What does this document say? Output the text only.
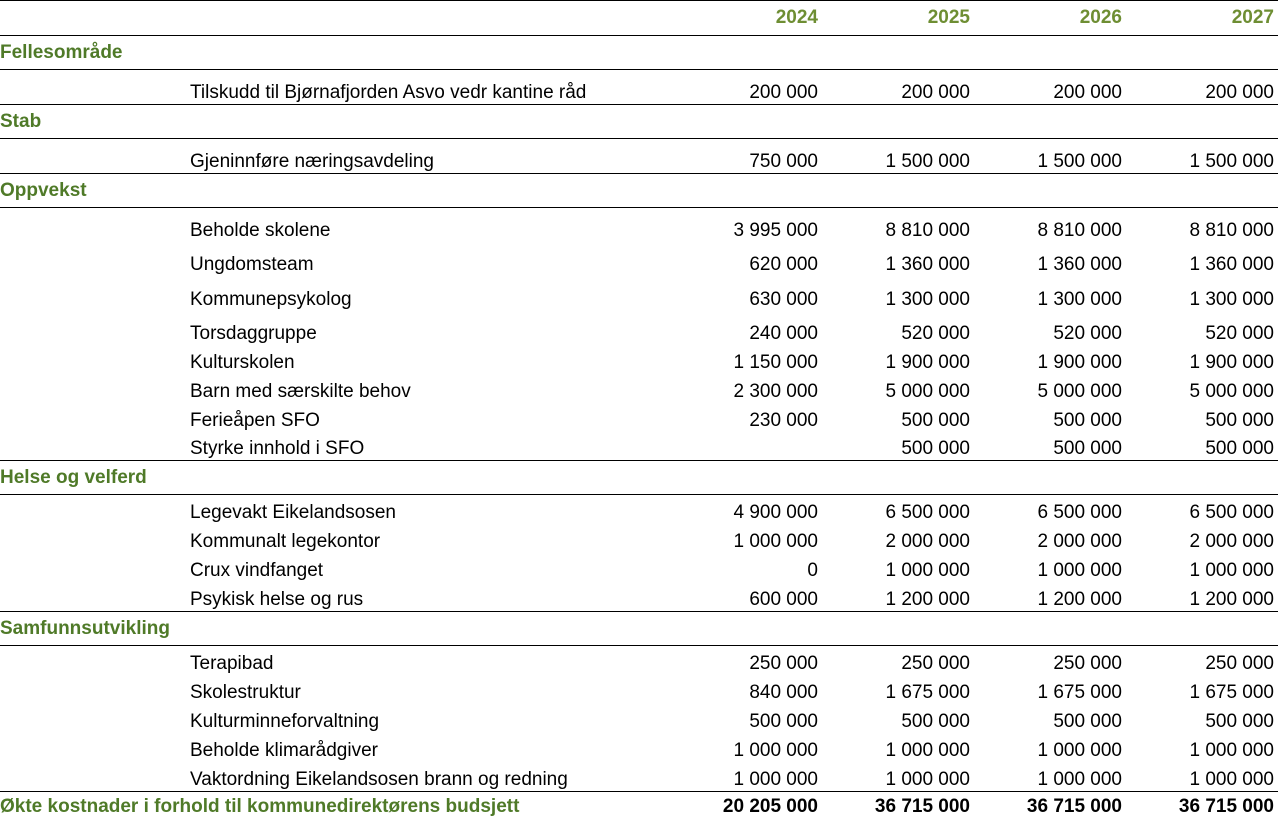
		2024	2025	2026	2027
Fellesområde					
	Tilskudd til Bjørnafjorden Asvo vedr kantine råd	200 000	200 000	200 000	200 000
Stab					
	Gjeninnføre næringsavdeling	750 000	1 500 000	1 500 000	1 500 000
Oppvekst					
	Beholde skolene	3 995 000	8 810 000	8 810 000	8 810 000
	Ungdomsteam	620 000	1 360 000	1 360 000	1 360 000
	Kommunepsykolog	630 000	1 300 000	1 300 000	1 300 000
	Torsdaggruppe	240 000	520 000	520 000	520 000
	Kulturskolen	1 150 000	1 900 000	1 900 000	1 900 000
	Barn med særskilte behov	2 300 000	5 000 000	5 000 000	5 000 000
	Ferieåpen SFO	230 000	500 000	500 000	500 000
	Styrke innhold i SFO		500 000	500 000	500 000
Helse og velferd					
	Legevakt Eikelandsosen	4 900 000	6 500 000	6 500 000	6 500 000
	Kommunalt legekontor	1 000 000	2 000 000	2 000 000	2 000 000
	Crux vindfanget	0	1 000 000	1 000 000	1 000 000
	Psykisk helse og rus	600 000	1 200 000	1 200 000	1 200 000
Samfunnsutvikling					
	Terapibad	250 000	250 000	250 000	250 000
	Skolestruktur	840 000	1 675 000	1 675 000	1 675 000
	Kulturminneforvaltning	500 000	500 000	500 000	500 000
	Beholde klimarådgiver	1 000 000	1 000 000	1 000 000	1 000 000
	Vaktordning Eikelandsosen brann og redning	1 000 000	1 000 000	1 000 000	1 000 000
Økte kostnader i forhold til kommunedirektørens budsjett		20 205 000	36 715 000	36 715 000	36 715 000
